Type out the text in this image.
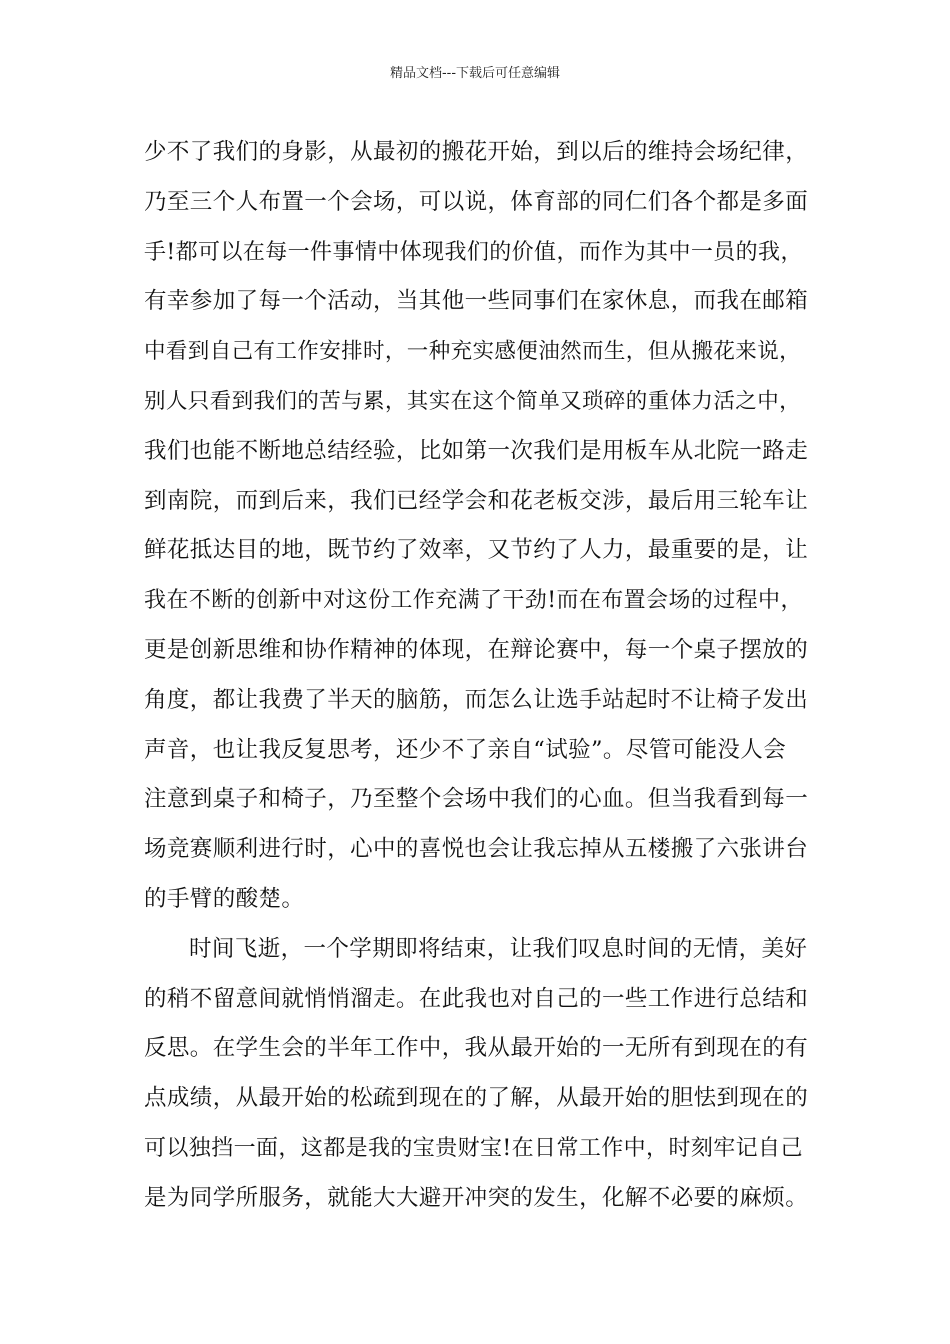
精品文档---下载后可任意编辑
少不了我们的身影，从最初的搬花开始，到以后的维持会场纪律，
乃至三个人布置一个会场，可以说，体育部的同仁们各个都是多面
手!都可以在每一件事情中体现我们的价值，而作为其中一员的我，
有幸参加了每一个活动，当其他一些同事们在家休息，而我在邮箱
中看到自己有工作安排时，一种充实感便油然而生，但从搬花来说，
别人只看到我们的苦与累，其实在这个简单又琐碎的重体力活之中，
我们也能不断地总结经验，比如第一次我们是用板车从北院一路走
到南院，而到后来，我们已经学会和花老板交涉，最后用三轮车让
鲜花抵达目的地，既节约了效率，又节约了人力，最重要的是，让
我在不断的创新中对这份工作充满了干劲!而在布置会场的过程中，
更是创新思维和协作精神的体现，在辩论赛中，每一个桌子摆放的
角度，都让我费了半天的脑筋，而怎么让选手站起时不让椅子发出
声音，也让我反复思考，还少不了亲自“试验”。尽管可能没人会
注意到桌子和椅子，乃至整个会场中我们的心血。但当我看到每一
场竞赛顺利进行时，心中的喜悦也会让我忘掉从五楼搬了六张讲台
的手臂的酸楚。
时间飞逝，一个学期即将结束，让我们叹息时间的无情，美好
的稍不留意间就悄悄溜走。在此我也对自己的一些工作进行总结和
反思。在学生会的半年工作中，我从最开始的一无所有到现在的有
点成绩，从最开始的松疏到现在的了解，从最开始的胆怯到现在的
可以独挡一面，这都是我的宝贵财宝!在日常工作中，时刻牢记自己
是为同学所服务，就能大大避开冲突的发生，化解不必要的麻烦。
